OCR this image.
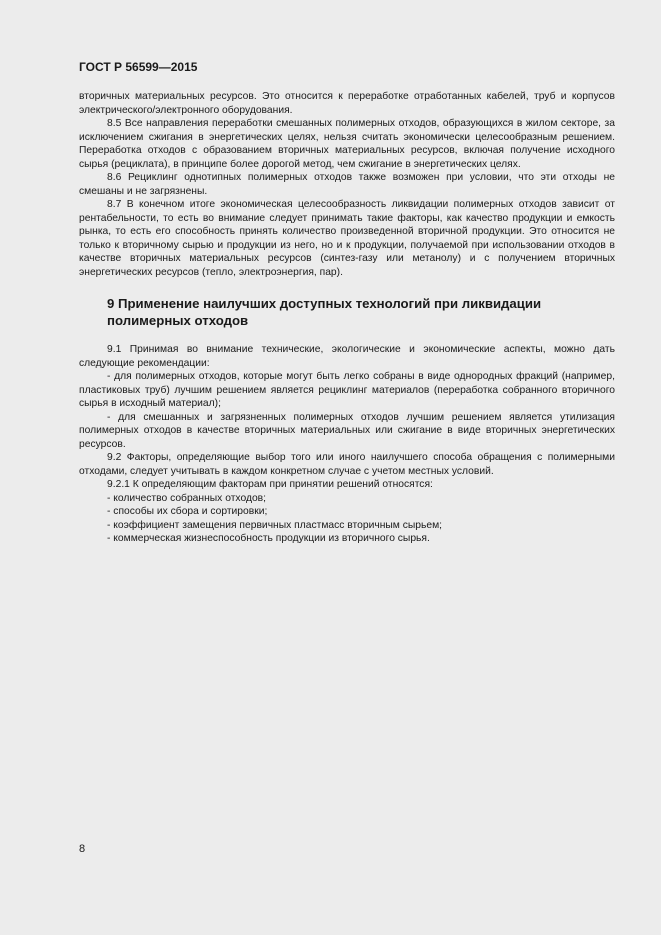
ГОСТ Р 56599—2015

вторичных материальных ресурсов. Это относится к переработке отработанных кабелей, труб и корпусов электрического/электронного оборудования.

8.5 Все направления переработки смешанных полимерных отходов, образующихся в жилом секторе, за исключением сжигания в энергетических целях, нельзя считать экономически целесообразным решением. Переработка отходов с образованием вторичных материальных ресурсов, включая получение исходного сырья (рециклата), в принципе более дорогой метод, чем сжигание в энергетических целях.

8.6 Рециклинг однотипных полимерных отходов также возможен при условии, что эти отходы не смешаны и не загрязнены.

8.7 В конечном итоге экономическая целесообразность ликвидации полимерных отходов зависит от рентабельности, то есть во внимание следует принимать такие факторы, как качество продукции и емкость рынка, то есть его способность принять количество произведенной вторичной продукции. Это относится не только к вторичному сырью и продукции из него, но и к продукции, получаемой при использовании отходов в качестве вторичных материальных ресурсов (синтез-газу или метанолу) и с получением вторичных энергетических ресурсов (тепло, электроэнергия, пар).

9 Применение наилучших доступных технологий при ликвидации полимерных отходов

9.1 Принимая во внимание технические, экологические и экономические аспекты, можно дать следующие рекомендации:

- для полимерных отходов, которые могут быть легко собраны в виде однородных фракций (например, пластиковых труб) лучшим решением является рециклинг материалов (переработка собранного вторичного сырья в исходный материал);

- для смешанных и загрязненных полимерных отходов лучшим решением является утилизация полимерных отходов в качестве вторичных материальных или сжигание в виде вторичных энергетических ресурсов.

9.2 Факторы, определяющие выбор того или иного наилучшего способа обращения с полимерными отходами, следует учитывать в каждом конкретном случае с учетом местных условий.

9.2.1 К определяющим факторам при принятии решений относятся:

- количество собранных отходов;
- способы их сбора и сортировки;
- коэффициент замещения первичных пластмасс вторичным сырьем;
- коммерческая жизнеспособность продукции из вторичного сырья.
8
